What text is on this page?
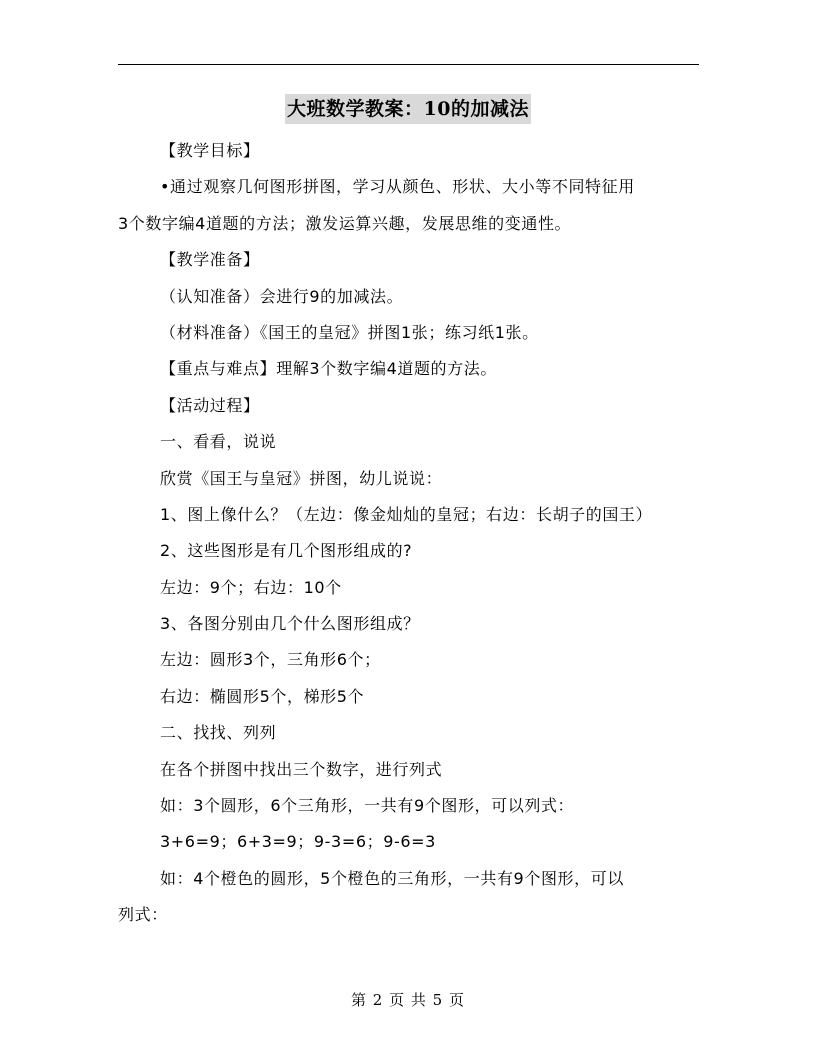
大班数学教案：10的加减法
【教学目标】
•通过观察几何图形拼图，学习从颜色、形状、大小等不同特征用
3个数字编4道题的方法；激发运算兴趣，发展思维的变通性。
【教学准备】
（认知准备）会进行9的加减法。
（材料准备）《国王的皇冠》拼图1张；练习纸1张。
【重点与难点】理解3个数字编4道题的方法。
【活动过程】
一、看看，说说
欣赏《国王与皇冠》拼图，幼儿说说：
1、图上像什么？（左边：像金灿灿的皇冠；右边：长胡子的国王）
2、这些图形是有几个图形组成的?
左边：9个；右边：10个
3、各图分别由几个什么图形组成？
左边：圆形3个，三角形6个；
右边：椭圆形5个，梯形5个
二、找找、列列
在各个拼图中找出三个数字，进行列式
如：3个圆形，6个三角形，一共有9个图形，可以列式：
3+6=9；6+3=9；9-3=6；9-6=3
如：4个橙色的圆形，5个橙色的三角形，一共有9个图形，可以
列式：
第 2 页 共 5 页
